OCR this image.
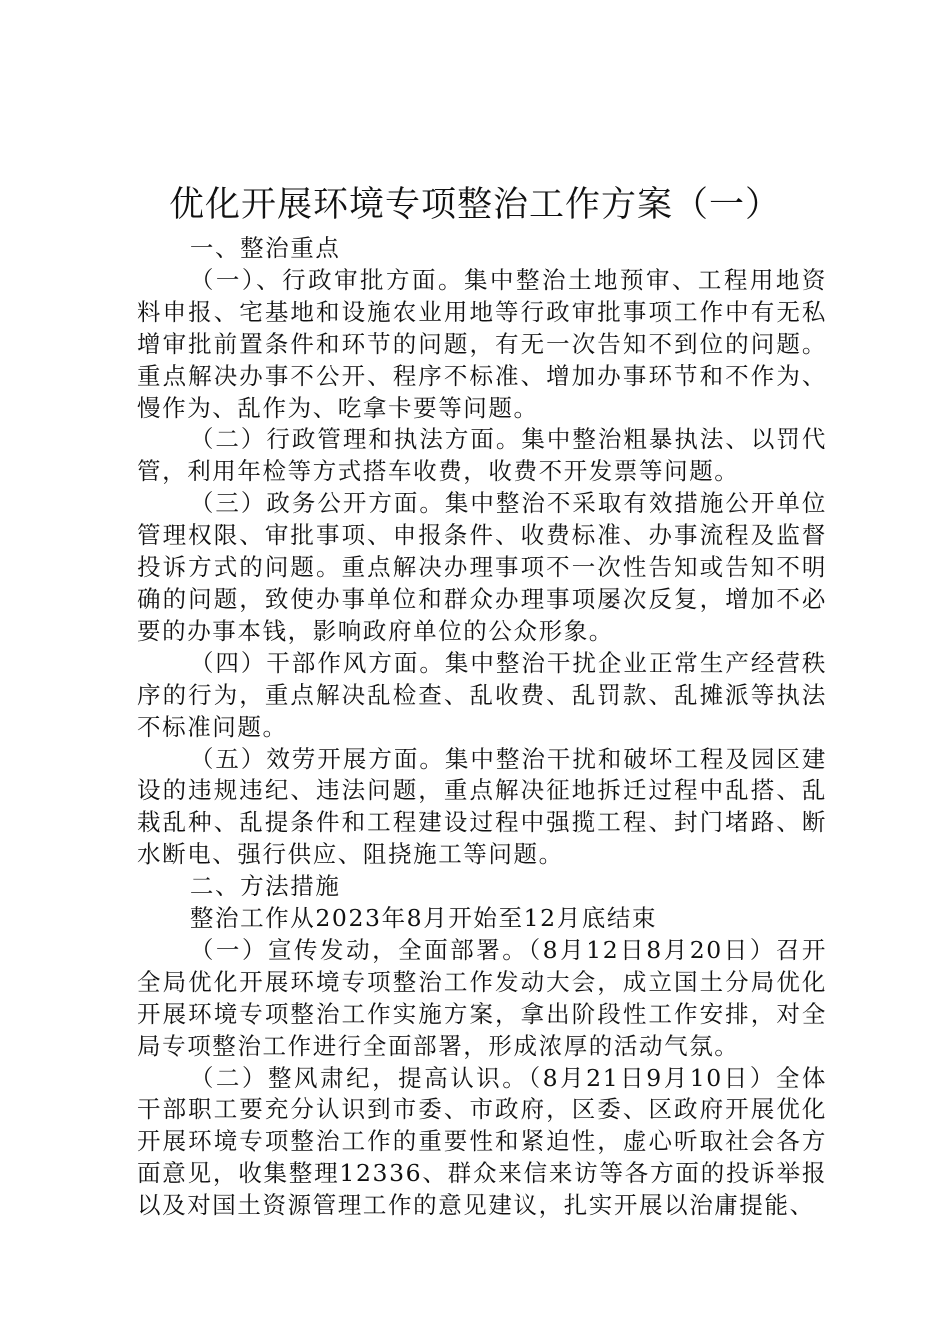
优化开展环境专项整治工作方案（一）

一、整治重点

（一）、行政审批方面。集中整治土地预审、工程用地资料申报、宅基地和设施农业用地等行政审批事项工作中有无私增审批前置条件和环节的问题，有无一次告知不到位的问题。重点解决办事不公开、程序不标准、增加办事环节和不作为、慢作为、乱作为、吃拿卡要等问题。

（二）行政管理和执法方面。集中整治粗暴执法、以罚代管，利用年检等方式搭车收费，收费不开发票等问题。

（三）政务公开方面。集中整治不采取有效措施公开单位管理权限、审批事项、申报条件、收费标准、办事流程及监督投诉方式的问题。重点解决办理事项不一次性告知或告知不明确的问题，致使办事单位和群众办理事项屡次反复，增加不必要的办事本钱，影响政府单位的公众形象。

（四）干部作风方面。集中整治干扰企业正常生产经营秩序的行为，重点解决乱检查、乱收费、乱罚款、乱摊派等执法不标准问题。

（五）效劳开展方面。集中整治干扰和破坏工程及园区建设的违规违纪、违法问题，重点解决征地拆迁过程中乱搭、乱栽乱种、乱提条件和工程建设过程中强揽工程、封门堵路、断水断电、强行供应、阻挠施工等问题。

二、方法措施

整治工作从2023年8月开始至12月底结束

（一）宣传发动，全面部署。（8月12日8月20日）召开全局优化开展环境专项整治工作发动大会，成立国土分局优化开展环境专项整治工作实施方案，拿出阶段性工作安排，对全局专项整治工作进行全面部署，形成浓厚的活动气氛。

（二）整风肃纪，提高认识。（8月21日9月10日）全体干部职工要充分认识到市委、市政府，区委、区政府开展优化开展环境专项整治工作的重要性和紧迫性，虚心听取社会各方面意见，收集整理12336、群众来信来访等各方面的投诉举报以及对国土资源管理工作的意见建议，扎实开展以治庸提能、
